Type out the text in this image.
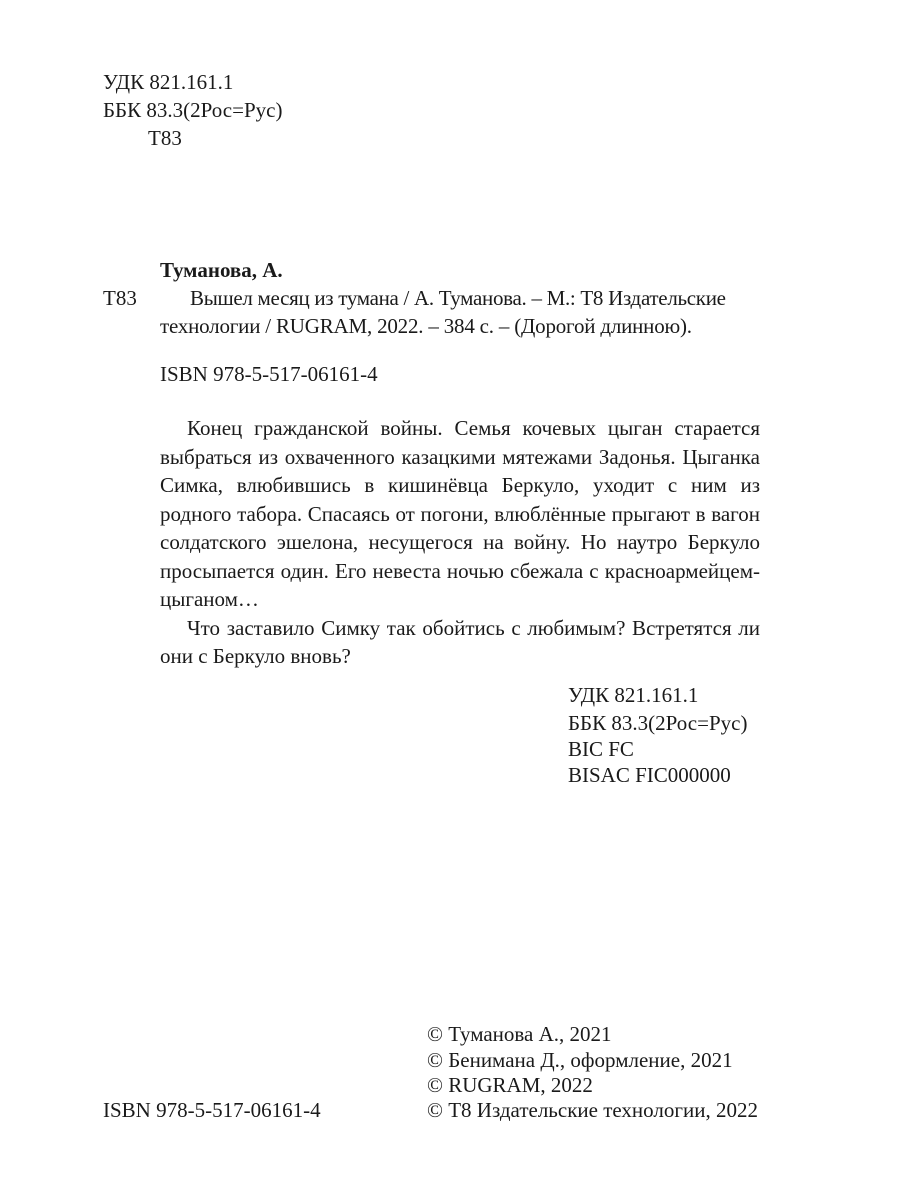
УДК 821.161.1
ББК 83.3(2Рос=Рус)
Т83
Туманова, А.
Т83	Вышел месяц из тумана / А. Туманова. – М.: Т8 Издательские
технологии / RUGRAM, 2022. – 384 с. – (Дорогой длинною).
ISBN 978-5-517-06161-4

Конец гражданской войны. Семья кочевых цыган старается выбраться из охваченного казацкими мятежами Задонья. Цыганка Симка, влюбившись в кишинёвца Беркуло, уходит с ним из родного табора. Спасаясь от погони, влюблённые прыгают в вагон солдатского эшелона, несущегося на войну. Но наутро Беркуло просыпается один. Его невеста ночью сбежала с красноармейцем-цыганом…

Что заставило Симку так обойтись с любимым? Встретятся ли они с Беркуло вновь?

УДК 821.161.1
ББК 83.3(2Рос=Рус)
BIC FC
BISAC FIC000000
ISBN 978-5-517-06161-4
© Туманова А., 2021
© Бенимана Д., оформление, 2021
© RUGRAM, 2022
© Т8 Издательские технологии, 2022
